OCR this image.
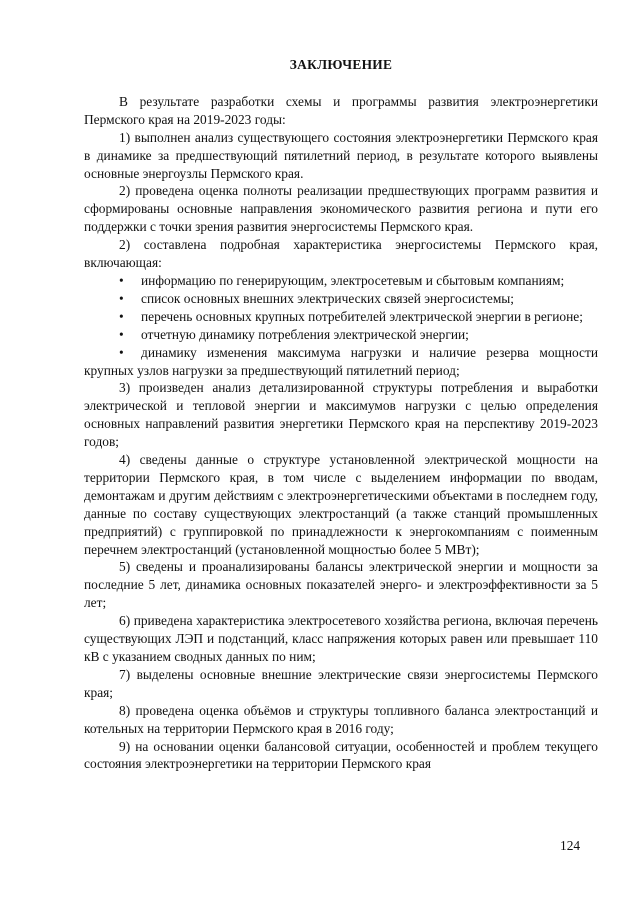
ЗАКЛЮЧЕНИЕ

В результате разработки схемы и программы развития электроэнергетики Пермского края на 2019-2023 годы:

1) выполнен анализ существующего состояния электроэнергетики Пермского края в динамике за предшествующий пятилетний период, в результате которого выявлены основные энергоузлы Пермского края.

2) проведена оценка полноты реализации предшествующих программ развития и сформированы основные направления экономического развития региона и пути его поддержки с точки зрения развития энергосистемы Пермского края.

2) составлена подробная характеристика энергосистемы Пермского края, включающая:

• информацию по генерирующим, электросетевым и сбытовым компаниям;

• список основных внешних электрических связей энергосистемы;

• перечень основных крупных потребителей электрической энергии в регионе;

• отчетную динамику потребления электрической энергии;

• динамику изменения максимума нагрузки и наличие резерва мощности крупных узлов нагрузки за предшествующий пятилетний период;

3) произведен анализ детализированной структуры потребления и выработки электрической и тепловой энергии и максимумов нагрузки с целью определения основных направлений развития энергетики Пермского края на перспективу 2019-2023 годов;

4) сведены данные о структуре установленной электрической мощности на территории Пермского края, в том числе с выделением информации по вводам, демонтажам и другим действиям с электроэнергетическими объектами в последнем году, данные по составу существующих электростанций (а также станций промышленных предприятий) с группировкой по принадлежности к энергокомпаниям с поименным перечнем электростанций (установленной мощностью более 5 МВт);

5) сведены и проанализированы балансы электрической энергии и мощности за последние 5 лет, динамика основных показателей энерго- и электроэффективности за 5 лет;

6) приведена характеристика электросетевого хозяйства региона, включая перечень существующих ЛЭП и подстанций, класс напряжения которых равен или превышает 110 кВ с указанием сводных данных по ним;

7) выделены основные внешние электрические связи энергосистемы Пермского края;

8) проведена оценка объёмов и структуры топливного баланса электростанций и котельных на территории Пермского края в 2016 году;

9) на основании оценки балансовой ситуации, особенностей и проблем текущего состояния электроэнергетики на территории Пермского края

124
